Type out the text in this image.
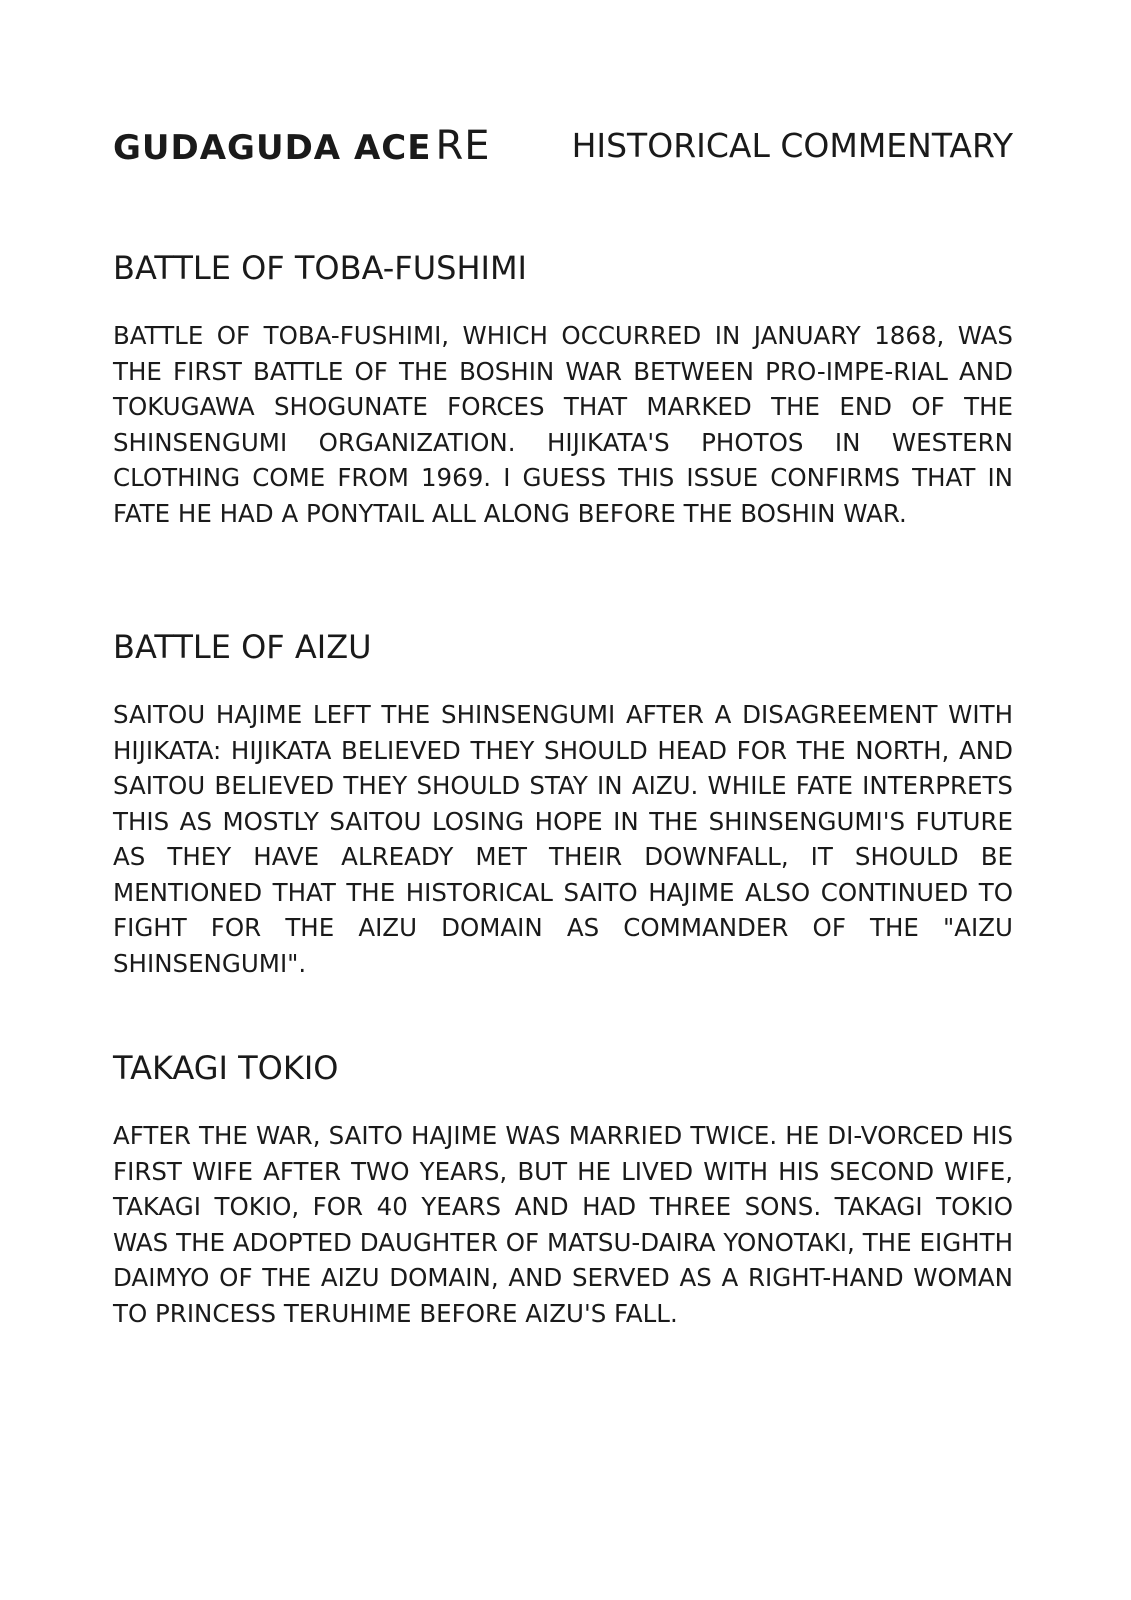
GUDAGUDA ACE RE HISTORICAL COMMENTARY
BATTLE OF TOBA-FUSHIMI

BATTLE OF TOBA-FUSHIMI, WHICH OCCURRED IN JANUARY 1868, WAS THE FIRST BATTLE OF THE BOSHIN WAR BETWEEN PRO-IMPE-RIAL AND TOKUGAWA SHOGUNATE FORCES THAT MARKED THE END OF THE SHINSENGUMI ORGANIZATION. HIJIKATA'S PHOTOS IN WESTERN CLOTHING COME FROM 1969. I GUESS THIS ISSUE CONFIRMS THAT IN FATE HE HAD A PONYTAIL ALL ALONG BEFORE THE BOSHIN WAR.

BATTLE OF AIZU

SAITOU HAJIME LEFT THE SHINSENGUMI AFTER A DISAGREEMENT WITH HIJIKATA: HIJIKATA BELIEVED THEY SHOULD HEAD FOR THE NORTH, AND SAITOU BELIEVED THEY SHOULD STAY IN AIZU. WHILE FATE INTERPRETS THIS AS MOSTLY SAITOU LOSING HOPE IN THE SHINSENGUMI'S FUTURE AS THEY HAVE ALREADY MET THEIR DOWNFALL, IT SHOULD BE MENTIONED THAT THE HISTORICAL SAITO HAJIME ALSO CONTINUED TO FIGHT FOR THE AIZU DOMAIN AS COMMANDER OF THE "AIZU SHINSENGUMI".

TAKAGI TOKIO

AFTER THE WAR, SAITO HAJIME WAS MARRIED TWICE. HE DI-VORCED HIS FIRST WIFE AFTER TWO YEARS, BUT HE LIVED WITH HIS SECOND WIFE, TAKAGI TOKIO, FOR 40 YEARS AND HAD THREE SONS. TAKAGI TOKIO WAS THE ADOPTED DAUGHTER OF MATSU-DAIRA YONOTAKI, THE EIGHTH DAIMYO OF THE AIZU DOMAIN, AND SERVED AS A RIGHT-HAND WOMAN TO PRINCESS TERUHIME BEFORE AIZU'S FALL.
